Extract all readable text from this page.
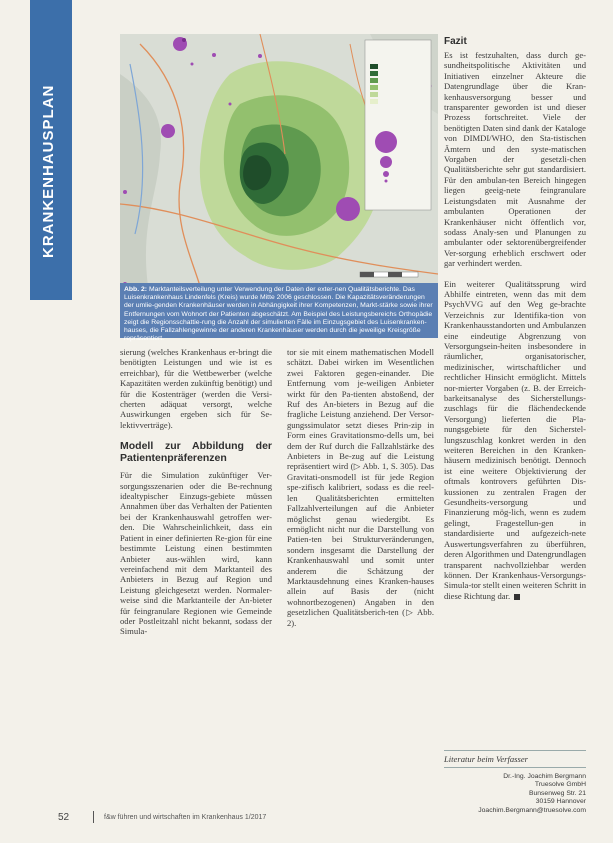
KRANKENHAUSPLAN
Abb. 2: Marktanteilsverteilung unter Verwendung der Daten der exter-nen Qualitätsberichte. Das Luisenkrankenhaus Lindenfels (Kreis) wurde Mitte 2006 geschlossen. Die Kapazitätsveränderungen der umlie-genden Krankenhäuser werden in Abhängigkeit ihrer Kompetenzen, Markt-stärke sowie ihrer Entfernungen vom Wohnort der Patienten abgeschätzt. Am Beispiel des Leistungsbereichs Orthopädie zeigt die Regionsschattie-rung die Anzahl der simulierten Fälle im Einzugsgebiet des Luisenkranken-hauses, die Fallzahlengewinne der anderen Krankenhäuser werden durch die jeweilige Kreisgröße repräsentiert.

sierung (welches Krankenhaus er-bringt die benötigten Leistungen und wie ist es erreichbar), für die Wettbewerber (welche Kapazitäten werden zukünftig benötigt) und für die Kostenträger (werden die Versi-cherten adäquat versorgt, welche Auswirkungen ergeben sich für Se-lektivverträge).

Modell zur Abbildung der Patientenpräferenzen

Für die Simulation zukünftiger Ver-sorgungsszenarien oder die Be-rechnung idealtypischer Einzugs-gebiete müssen Annahmen über das Verhalten der Patienten bei der Krankenhauswahl getroffen wer-den. Die Wahrscheinlichkeit, dass ein Patient in einer definierten Re-gion für eine bestimmte Leistung einen bestimmten Anbieter aus-wählen wird, kann vereinfachend mit dem Marktanteil des Anbieters in Bezug auf Region und Leistung gleichgesetzt werden. Normaler-weise sind die Marktanteile der An-bieter für feingranulare Regionen wie Gemeinde oder Postleitzahl nicht bekannt, sodass der Simula-

tor sie mit einem mathematischen Modell schätzt. Dabei wirken im Wesentlichen zwei Faktoren gegen-einander. Die Entfernung vom je-weiligen Anbieter wirkt für den Pa-tienten abstoßend, der Ruf des An-bieters in Bezug auf die fragliche Leistung anziehend. Der Versor-gungssimulator setzt dieses Prin-zip in Form eines Gravitationsmo-dells um, bei dem der Ruf durch die Fallzahlstärke des Anbieters in Be-zug auf die Leistung repräsentiert wird (▷ Abb. 1, S. 305). Das Gravitati-onsmodell ist für jede Region spe-zifisch kalibriert, sodass es die reel-len Qualitätsberichten ermittelten Fallzahlverteilungen auf die Anbieter möglichst genau wiedergibt. Es ermöglicht nicht nur die Darstellung von Patien-ten bei Strukturveränderungen, sondern insgesamt die Darstellung der Krankenhauswahl und somit unter anderem die Schätzung der Marktausdehnung eines Kranken-hauses allein auf Basis der (nicht wohnortbezogenen) Angaben in den gesetzlichen Qualitätsberich-ten (▷ Abb. 2).

Fazit

Es ist festzuhalten, dass durch ge-sundheitspolitische Aktivitäten und Initiativen einzelner Akteure die Datengrundlage über die Kran-kenhausversorgung besser und transparenter geworden ist und dieser Prozess fortschreitet. Viele der benötigten Daten sind dank der Kataloge von DIMDI/WHO, den Sta-tistischen Ämtern und den syste-matischen Vorgaben der gesetzli-chen Qualitätsberichte sehr gut standardisiert. Für den ambulan-ten Bereich hingegen liegen geeig-nete feingranulare Leistungsdaten mit Ausnahme der ambulanten Operationen der Krankenhäuser nicht öffentlich vor, sodass Analy-sen und Planungen zu ambulanter oder sektorenübergreifender Ver-sorgung erheblich erschwert oder gar verhindert werden.

Ein weiterer Qualitätssprung wird Abhilfe eintreten, wenn das mit dem PsychVVG auf den Weg ge-brachte Verzeichnis zur Identifika-tion von Krankenhausstandorten und Ambulanzen eine eindeutige Abgrenzung von Versorgungsein-heiten insbesondere in räumlicher, organisatorischer, medizinischer, wirtschaftlicher und rechtlicher Hinsicht ermöglicht. Mittels nor-mierter Vorgaben (z. B. der Erreich-barkeitsanalyse des Sicherstellungs-zuschlags für die flächendeckende Versorgung) lieferten die Pla-nungsgebiete für den Sicherstel-lungszuschlag konkret werden in den weiteren Bereichen in den Kranken-häusern medizinisch benötigt. Dennoch ist eine weitere Objektivierung der oftmals kontrovers geführten Dis-kussionen zu zentralen Fragen der Gesundheits-versorgung und Finanzierung mög-lich, wenn es zudem gelingt, Fragestellun-gen in standardisierte und aufgezeich-nete Auswertungsverfahren zu überführen, deren Algorithmen und Datengrundlagen transparent nachvollziehbar werden können. Der Krankenhaus-Versorgungs-Simula-tor stellt einen weiteren Schritt in diese Richtung dar.

Literatur beim Verfasser
Dr.-Ing. Joachim Bergmann
Truesolve GmbH
Bunsenweg Str. 21
30159 Hannover
Joachim.Bergmann@truesolve.com
52	f&w führen und wirtschaften im Krankenhaus 1/2017
